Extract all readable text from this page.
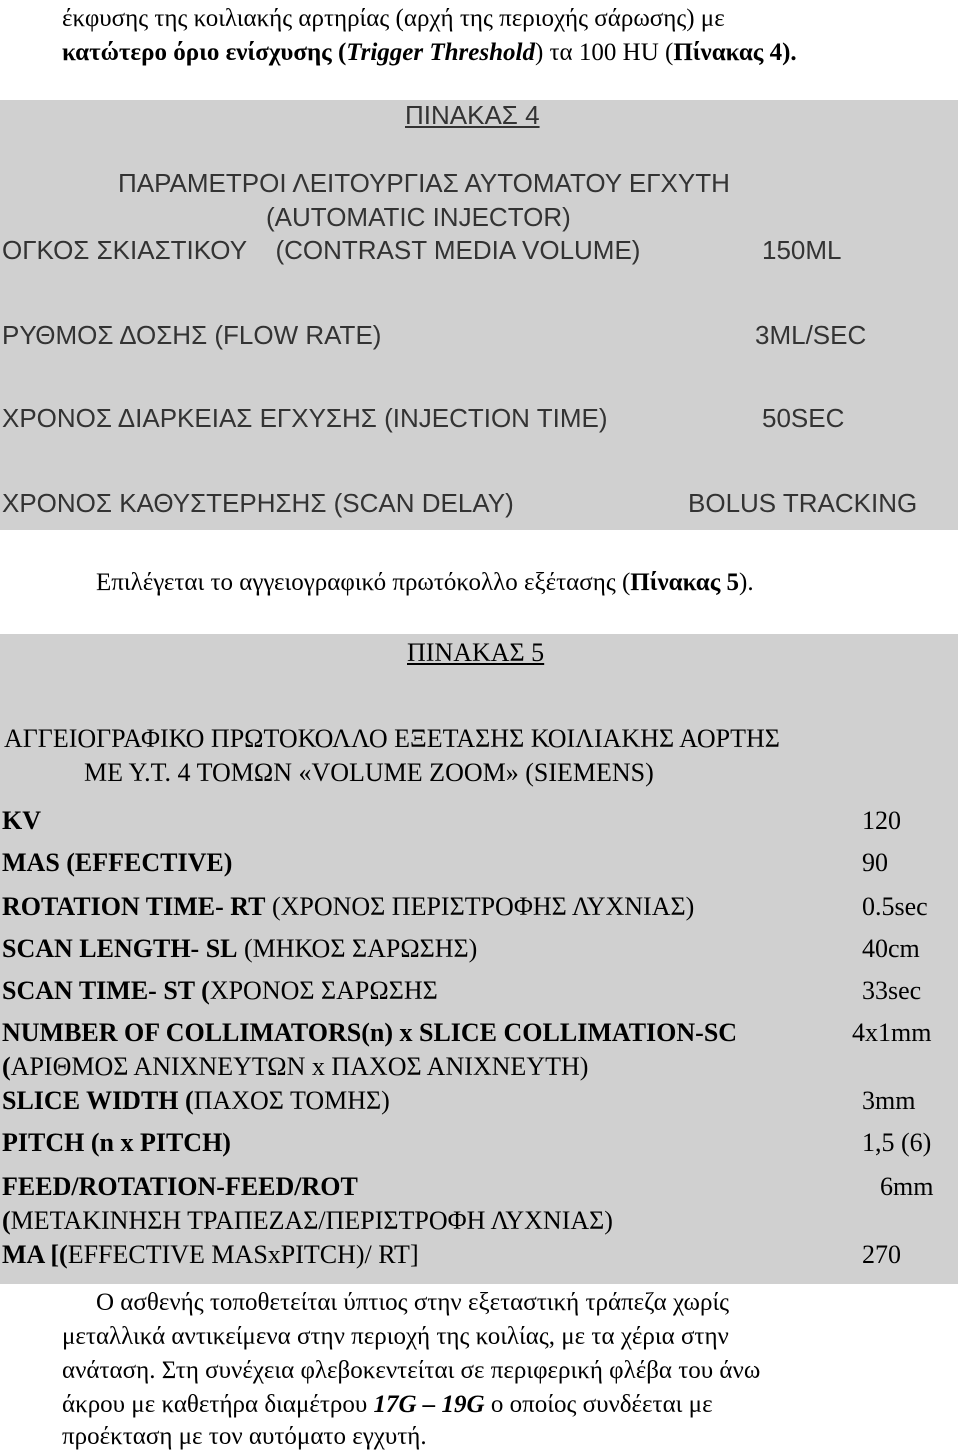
έκφυσης της κοιλιακής αρτηρίας (αρχή της περιοχής σάρωσης) με
κατώτερο όριο ενίσχυσης (Trigger Threshold) τα 100 HU (Πίνακας 4).
ΠΙΝΑΚΑΣ 4
ΠΑΡΑΜΕΤΡΟΙ ΛΕΙΤΟΥΡΓΙΑΣ ΑΥΤΟΜΑΤΟΥ ΕΓΧΥΤΗ
(AUTOMATIC INJECTOR)
ΟΓΚΟΣ ΣΚΙΑΣΤΙΚΟΥ    (CONTRAST MEDIA VOLUME)	150ML
ΡΥΘΜΟΣ ΔΟΣΗΣ (FLOW RATE)	3ML/SEC
ΧΡΟΝΟΣ ΔΙΑΡΚΕΙΑΣ ΕΓΧΥΣΗΣ (INJECTION TIME)	50SEC
ΧΡΟΝΟΣ ΚΑΘΥΣΤΕΡΗΣΗΣ (SCAN DELAY)	BOLUS TRACKING
Επιλέγεται το αγγειογραφικό πρωτόκολλο εξέτασης (Πίνακας 5).
ΠΙΝΑΚΑΣ 5
ΑΓΓΕΙΟΓΡΑΦΙΚΟ ΠΡΩΤΟΚΟΛΛΟ ΕΞΕΤΑΣΗΣ ΚΟΙΛΙΑΚΗΣ ΑΟΡΤΗΣ
ΜΕ Υ.Τ. 4 ΤΟΜΩΝ «VOLUME ZOOM» (SIEMENS)
KV	120
MAS (EFFECTIVE)	90
ROTATION TIME- RT (ΧΡΟΝΟΣ ΠΕΡΙΣΤΡΟΦΗΣ ΛΥΧΝΙΑΣ)	0.5sec
SCAN LENGTH- SL (ΜΗΚΟΣ ΣΑΡΩΣΗΣ)	40cm
SCAN TIME- ST (ΧΡΟΝΟΣ ΣΑΡΩΣΗΣ	33sec
NUMBER OF COLLIMATORS(n) x SLICE COLLIMATION-SC	4x1mm
(ΑΡΙΘΜΟΣ ΑΝΙΧΝΕΥΤΩΝ x ΠΑΧΟΣ ΑΝΙΧΝΕΥΤΗ)
SLICE WIDTH (ΠΑΧΟΣ ΤΟΜΗΣ)	3mm
PITCH (n x PITCH)	1,5 (6)
FEED/ROTATION-FEED/ROT	6mm
(ΜΕΤΑΚΙΝΗΣΗ ΤΡΑΠΕΖΑΣ/ΠΕΡΙΣΤΡΟΦΗ ΛΥΧΝΙΑΣ)
MA [(EFFECTIVE MASxPITCH)/ RT]	270
Ο ασθενής τοποθετείται ύπτιος στην εξεταστική τράπεζα χωρίς
μεταλλικά αντικείμενα στην περιοχή της κοιλίας, με τα χέρια στην
ανάταση. Στη συνέχεια φλεβοκεντείται σε περιφερική φλέβα του άνω
άκρου με καθετήρα διαμέτρου 17G – 19G ο οποίος συνδέεται με
προέκταση με τον αυτόματο εγχυτή.
